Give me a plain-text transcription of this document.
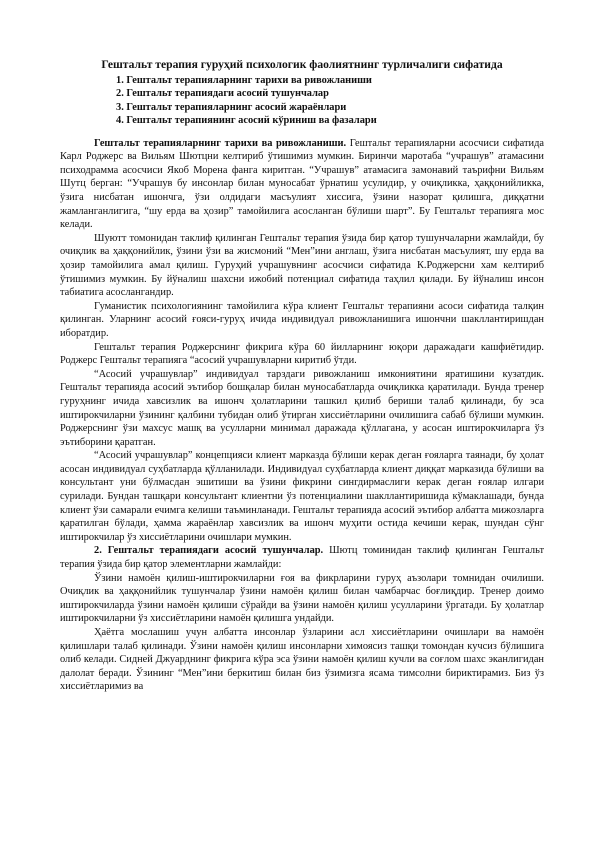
Гештальт терапия гуруҳий психологик фаолиятнинг турличалиги сифатида
1. Гештальт терапияларнинг тарихи ва ривожланиши
2. Гештальт терапиядаги асосий тушунчалар
3. Гештальт терапияларнинг асосий жараёнлари
4. Гештальт терапиянинг асосий кўриниш ва фазалари

Гештальт терапияларнинг тарихи ва ривожланиши. Гештальт терапияларни асосчиси сифатида Карл Роджерс ва Вильям Шютцни келтириб ўтишимиз мумкин. Биринчи маротаба “учрашув” атамасини психодрамма асосчиси Якоб Морена фанга киритган. “Учрашув” атамасига замонавий таърифни Вильям Шутц берган: “Учрашув бу инсонлар билан муносабат ўрнатиш усулидир, у очиқликка, ҳаққонийликка, ўзига нисбатан ишончга, ўзи олдидаги масъулият хиссига, ўзини назорат қилишга, диққатни жамланганлигига, “шу ерда ва ҳозир” тамойилига асосланган бўлиши шарт”. Бу Гештальт терапияга мос келади.

Шуютт томонидан таклиф қилинган Гештальт терапия ўзида бир қатор тушунчаларни жамлайди, бу очиқлик ва ҳаққонийлик, ўзини ўзи ва жисмоний “Мен”ини англаш, ўзига нисбатан масъулият, шу ерда ва ҳозир тамойилига амал қилиш. Гуруҳий учрашувнинг асосчиси сифатида К.Роджерсни хам келтириб ўтишимиз мумкин. Бу йўналиш шахсни ижобий потенциал сифатида таҳлил қилади. Бу йўналиш инсон табиатига асослангандир.

Гуманистик психологиянинг тамойилига кўра клиент Гештальт терапияни асоси сифатида талқин қилинган. Уларнинг асосий ғояси-гуруҳ ичида индивидуал ривожланишига ишончни шакллантиришдан иборатдир.

Гештальт терапия Роджерснинг фикрига кўра 60 йилларнинг юқори даражадаги кашфиётидир. Роджерс Гештальт терапияга “асосий учрашувларни киритиб ўтди.

“Асосий учрашувлар” индивидуал тарздаги ривожланиш имкониятини яратишини кузатдик. Гештальт терапияда асосий эътибор бошқалар билан муносабатларда очиқликка қаратилади. Бунда тренер гуруҳнинг ичида хавсизлик ва ишонч ҳолатларини ташкил қилиб бериши талаб қилинади, бу эса иштирокчиларни ўзининг қалбини тубидан олиб ўтирган хиссиётларини очилишига сабаб бўлиши мумкин. Роджерснинг ўзи махсус машқ ва усулларни минимал даражада қўллагана, у асосан иштирокчиларга ўз эътиборини қаратган.

“Асосий учрашувлар” концепцияси клиент марказда бўлиши керак деган ғояларга таянади, бу ҳолат асосан индивидуал суҳбатларда қўлланилади. Индивидуал суҳбатларда клиент диққат марказида бўлиши ва консультант уни бўлмасдан эшитиши ва ўзини фикрини сингдирмаслиги керак деган ғоялар илгари сурилади. Бундан ташқари консультант клиентни ўз потенциалини шакллантиришида кўмаклашади, бунда клиент ўзи самарали ечимга келиши таъминланади. Гештальт терапияда асосий эътибор албатта мижозларга қаратилган бўлади, ҳамма жараёнлар хавсизлик ва ишонч муҳити остида кечиши керак, шундан сўнг иштирокчилар ўз хиссиётларини очишлари мумкин.

2. Гештальт терапиядаги асосий тушунчалар. Шютц томинидан таклиф қилинган Гештальт терапия ўзида бир қатор элементларни жамлайди:

Ўзини намоён қилиш-иштирокчиларни ғоя ва фикрларини гуруҳ аъзолари томнидан очилиши. Очиқлик ва ҳаққонийлик тушунчалар ўзини намоён қилиш билан чамбарчас боғлиқдир. Тренер доимо иштирокчиларда ўзини намоён қилиши сўрайди ва ўзини намоён қилиш усулларини ўргатади. Бу ҳолатлар иштирокчиларни ўз хиссиётларини намоён қилишга ундайди.

Ҳаётга мослашиш учун албатта инсонлар ўзларини асл хиссиётларини очишлари ва намоён қилишлари талаб қилинади. Ўзини намоён қилиш инсонларни химоясиз ташқи томондан кучсиз бўлишига олиб келади. Сидней Джуарднинг фикрига кўра эса ўзини намоён қилиш кучли ва соғлом шахс эканлигидан далолат беради. Ўзининг “Мен”ини беркитиш билан биз ўзимизга ясама тимсолни бириктирамиз. Биз ўз хиссиётларимиз ва
